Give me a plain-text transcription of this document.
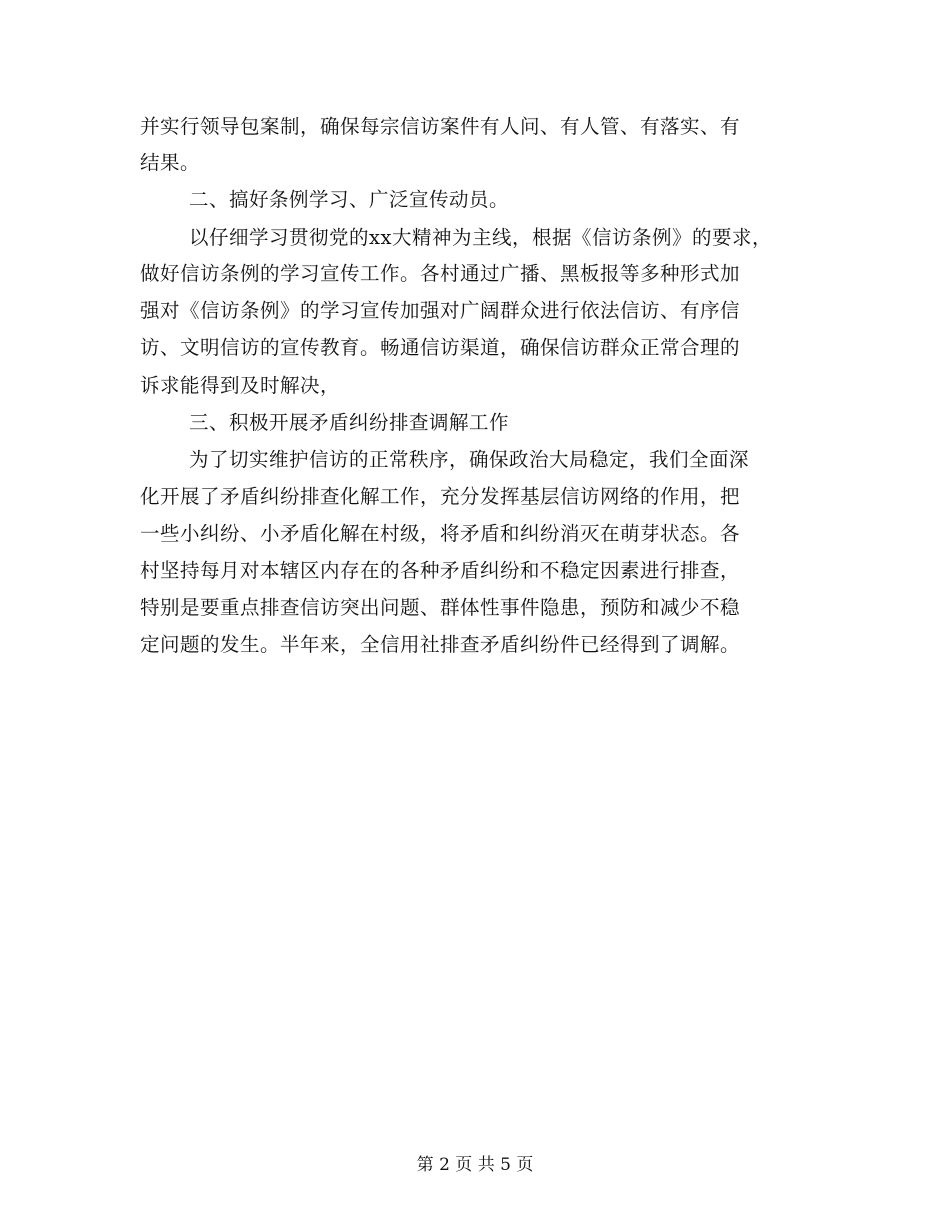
并实行领导包案制，确保每宗信访案件有人问、有人管、有落实、有
结果。
二、搞好条例学习、广泛宣传动员。
以仔细学习贯彻党的xx大精神为主线，根据《信访条例》的要求，
做好信访条例的学习宣传工作。各村通过广播、黑板报等多种形式加
强对《信访条例》的学习宣传加强对广阔群众进行依法信访、有序信
访、文明信访的宣传教育。畅通信访渠道，确保信访群众正常合理的
诉求能得到及时解决，
三、积极开展矛盾纠纷排查调解工作
为了切实维护信访的正常秩序，确保政治大局稳定，我们全面深
化开展了矛盾纠纷排查化解工作，充分发挥基层信访网络的作用，把
一些小纠纷、小矛盾化解在村级，将矛盾和纠纷消灭在萌芽状态。各
村坚持每月对本辖区内存在的各种矛盾纠纷和不稳定因素进行排查，
特别是要重点排查信访突出问题、群体性事件隐患，预防和减少不稳
定问题的发生。半年来，全信用社排查矛盾纠纷件已经得到了调解。
第 2 页 共 5 页
